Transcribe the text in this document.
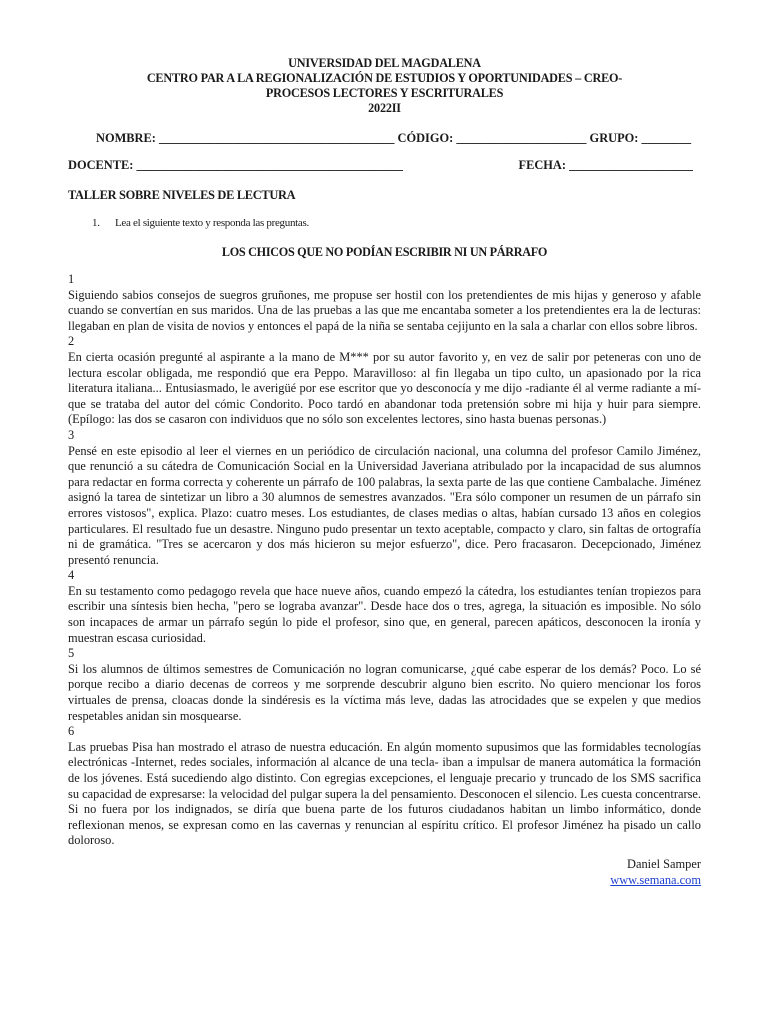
UNIVERSIDAD DEL MAGDALENA
CENTRO PAR A LA REGIONALIZACIÓN DE ESTUDIOS Y OPORTUNIDADES – CREO-
PROCESOS LECTORES Y ESCRITURALES
2022II
NOMBRE: ______________________________________ CÓDIGO: _____________________ GRUPO: ________
DOCENTE: ___________________________________________	FECHA: ____________________
TALLER SOBRE NIVELES DE LECTURA
1. Lea el siguiente texto y responda las preguntas.
LOS CHICOS QUE NO PODÍAN ESCRIBIR NI UN PÁRRAFO
1
Siguiendo sabios consejos de suegros gruñones, me propuse ser hostil con los pretendientes de mis hijas y generoso y afable cuando se convertían en sus maridos. Una de las pruebas a las que me encantaba someter a los pretendientes era la de lecturas: llegaban en plan de visita de novios y entonces el papá de la niña se sentaba cejijunto en la sala a charlar con ellos sobre libros.
2
En cierta ocasión pregunté al aspirante a la mano de M*** por su autor favorito y, en vez de salir por peteneras con uno de lectura escolar obligada, me respondió que era Peppo. Maravilloso: al fin llegaba un tipo culto, un apasionado por la rica literatura italiana... Entusiasmado, le averigüé por ese escritor que yo desconocía y me dijo -radiante él al verme radiante a mí- que se trataba del autor del cómic Condorito. Poco tardó en abandonar toda pretensión sobre mi hija y huir para siempre. (Epílogo: las dos se casaron con individuos que no sólo son excelentes lectores, sino hasta buenas personas.)
3
Pensé en este episodio al leer el viernes en un periódico de circulación nacional, una columna del profesor Camilo Jiménez, que renunció a su cátedra de Comunicación Social en la Universidad Javeriana atribulado por la incapacidad de sus alumnos para redactar en forma correcta y coherente un párrafo de 100 palabras, la sexta parte de las que contiene Cambalache. Jiménez asignó la tarea de sintetizar un libro a 30 alumnos de semestres avanzados. "Era sólo componer un resumen de un párrafo sin errores vistosos", explica. Plazo: cuatro meses. Los estudiantes, de clases medias o altas, habían cursado 13 años en colegios particulares. El resultado fue un desastre. Ninguno pudo presentar un texto aceptable, compacto y claro, sin faltas de ortografía ni de gramática. "Tres se acercaron y dos más hicieron su mejor esfuerzo", dice. Pero fracasaron. Decepcionado, Jiménez presentó renuncia.
4
En su testamento como pedagogo revela que hace nueve años, cuando empezó la cátedra, los estudiantes tenían tropiezos para escribir una síntesis bien hecha, "pero se lograba avanzar". Desde hace dos o tres, agrega, la situación es imposible. No sólo son incapaces de armar un párrafo según lo pide el profesor, sino que, en general, parecen apáticos, desconocen la ironía y muestran escasa curiosidad.
5
Si los alumnos de últimos semestres de Comunicación no logran comunicarse, ¿qué cabe esperar de los demás? Poco. Lo sé porque recibo a diario decenas de correos y me sorprende descubrir alguno bien escrito. No quiero mencionar los foros virtuales de prensa, cloacas donde la sindéresis es la víctima más leve, dadas las atrocidades que se expelen y que medios respetables anidan sin mosquearse.
6
Las pruebas Pisa han mostrado el atraso de nuestra educación. En algún momento supusimos que las formidables tecnologías electrónicas -Internet, redes sociales, información al alcance de una tecla- iban a impulsar de manera automática la formación de los jóvenes. Está sucediendo algo distinto. Con egregias excepciones, el lenguaje precario y truncado de los SMS sacrifica su capacidad de expresarse: la velocidad del pulgar supera la del pensamiento. Desconocen el silencio. Les cuesta concentrarse. Si no fuera por los indignados, se diría que buena parte de los futuros ciudadanos habitan un limbo informático, donde reflexionan menos, se expresan como en las cavernas y renuncian al espíritu crítico. El profesor Jiménez ha pisado un callo doloroso.
Daniel Samper
www.semana.com
